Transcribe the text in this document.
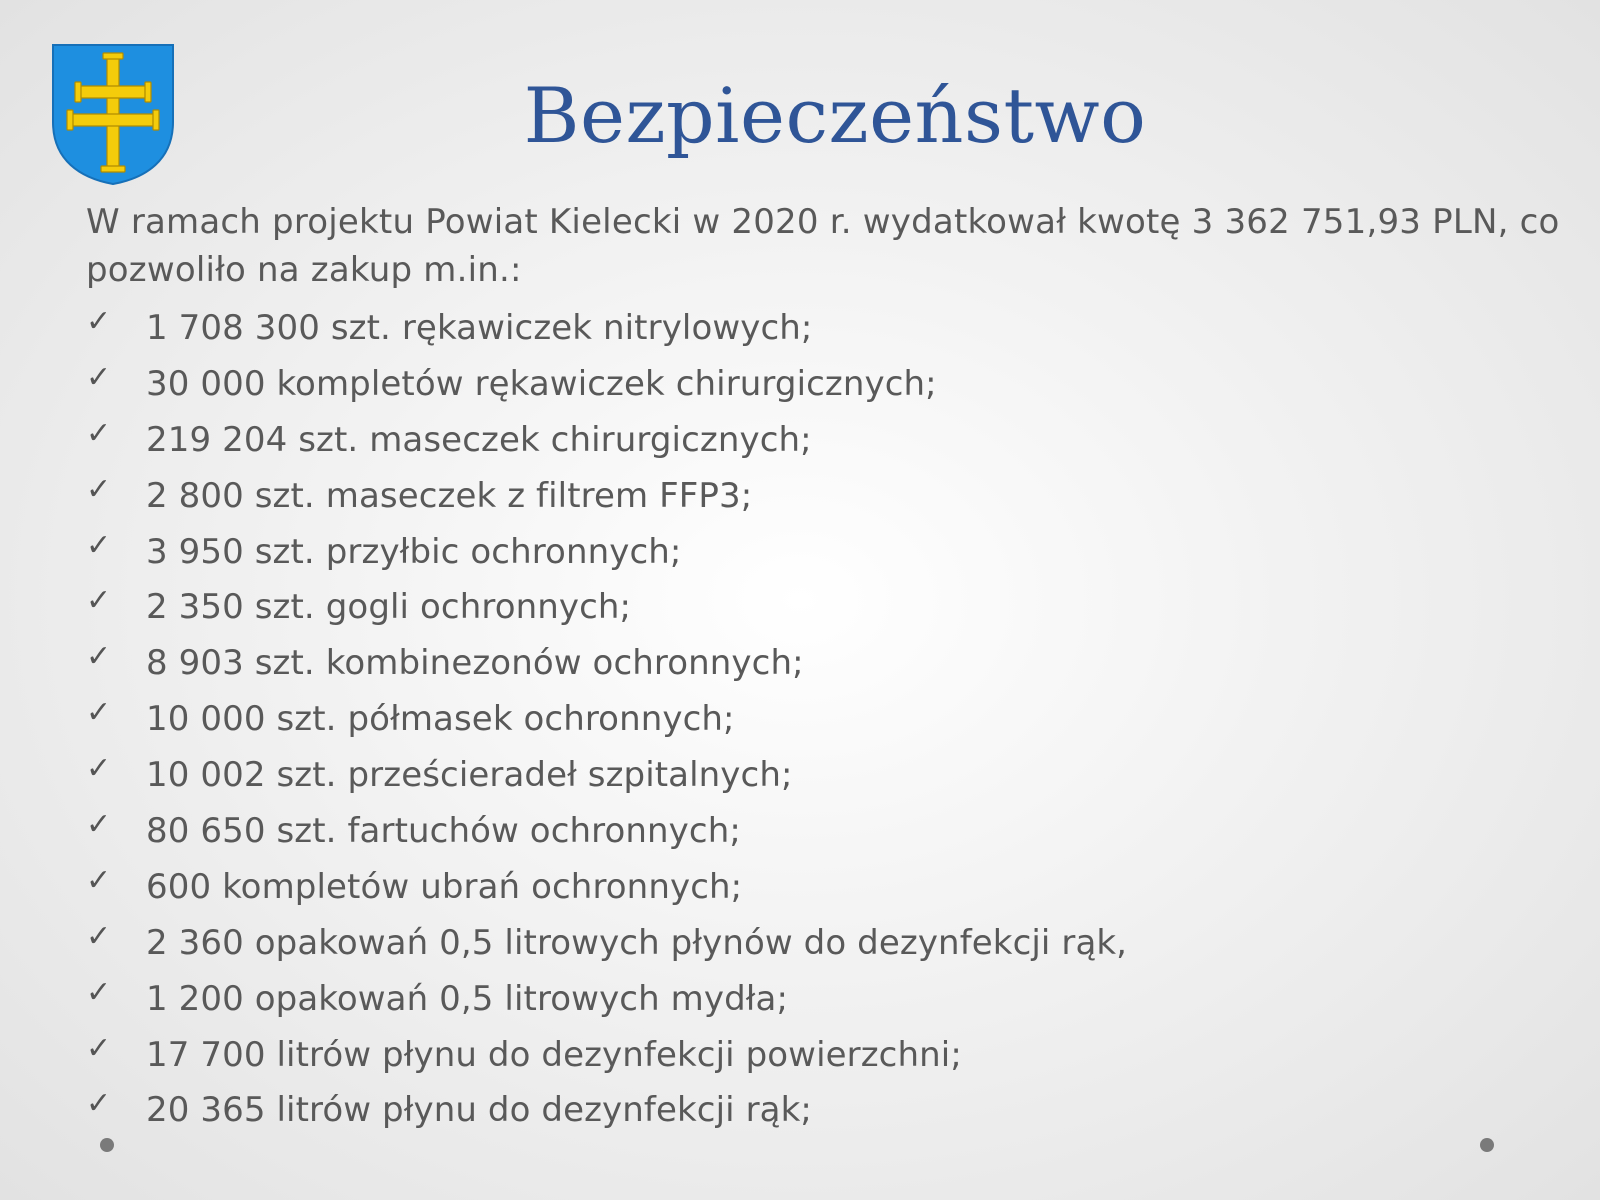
Bezpieczeństwo

W ramach projektu Powiat Kielecki w 2020 r. wydatkował kwotę 3 362 751,93 PLN, co pozwoliło na zakup m.in.:

✓	1 708 300 szt. rękawiczek nitrylowych;
✓	30 000 kompletów rękawiczek chirurgicznych;
✓	219 204 szt. maseczek chirurgicznych;
✓	2 800 szt. maseczek z filtrem FFP3;
✓	3 950 szt. przyłbic ochronnych;
✓	2 350 szt. gogli ochronnych;
✓	8 903 szt. kombinezonów ochronnych;
✓	10 000 szt. półmasek ochronnych;
✓	10 002 szt. prześcieradeł szpitalnych;
✓	80 650 szt. fartuchów ochronnych;
✓	600 kompletów ubrań ochronnych;
✓	2 360 opakowań 0,5 litrowych płynów do dezynfekcji rąk,
✓	1 200 opakowań 0,5 litrowych mydła;
✓	17 700 litrów płynu do dezynfekcji powierzchni;
✓	20 365 litrów płynu do dezynfekcji rąk;
